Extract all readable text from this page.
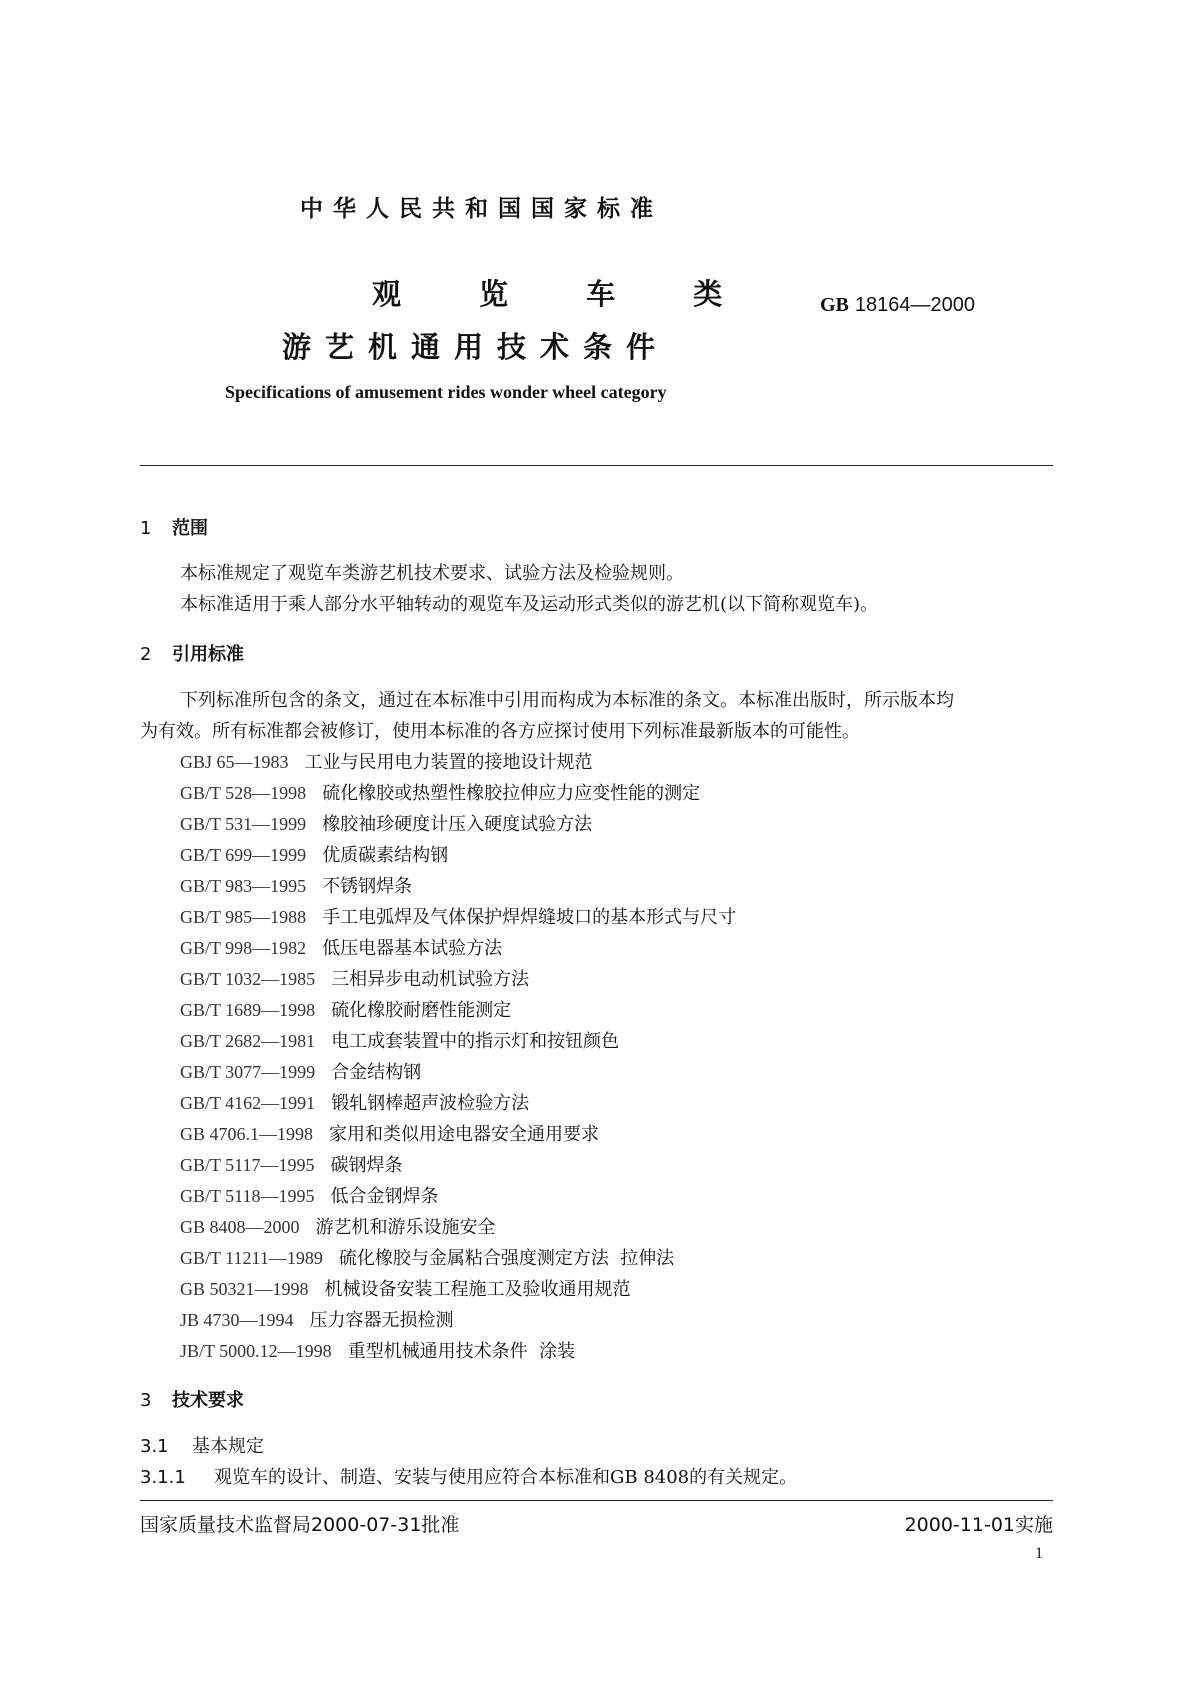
中华人民共和国国家标准
观 览 车 类
游艺机通用技术条件
GB 18164—2000
Specifications of amusement rides wonder wheel category
1 范围
本标准规定了观览车类游艺机技术要求、试验方法及检验规则。
本标准适用于乘人部分水平轴转动的观览车及运动形式类似的游艺机(以下简称观览车)。
2 引用标准
下列标准所包含的条文，通过在本标准中引用而构成为本标准的条文。本标准出版时，所示版本均
为有效。所有标准都会被修订，使用本标准的各方应探讨使用下列标准最新版本的可能性。
GBJ 65—1983 工业与民用电力装置的接地设计规范
GB/T 528—1998 硫化橡胶或热塑性橡胶拉伸应力应变性能的测定
GB/T 531—1999 橡胶袖珍硬度计压入硬度试验方法
GB/T 699—1999 优质碳素结构钢
GB/T 983—1995 不锈钢焊条
GB/T 985—1988 手工电弧焊及气体保护焊焊缝坡口的基本形式与尺寸
GB/T 998—1982 低压电器基本试验方法
GB/T 1032—1985 三相异步电动机试验方法
GB/T 1689—1998 硫化橡胶耐磨性能测定
GB/T 2682—1981 电工成套装置中的指示灯和按钮颜色
GB/T 3077—1999 合金结构钢
GB/T 4162—1991 锻轧钢棒超声波检验方法
GB 4706.1—1998 家用和类似用途电器安全通用要求
GB/T 5117—1995 碳钢焊条
GB/T 5118—1995 低合金钢焊条
GB 8408—2000 游艺机和游乐设施安全
GB/T 11211—1989 硫化橡胶与金属粘合强度测定方法  拉伸法
GB 50321—1998 机械设备安装工程施工及验收通用规范
JB 4730—1994 压力容器无损检测
JB/T 5000.12—1998 重型机械通用技术条件  涂装
3 技术要求
3.1 基本规定
3.1.1 观览车的设计、制造、安装与使用应符合本标准和GB 8408的有关规定。
国家质量技术监督局2000-07-31批准	2000-11-01实施
1
